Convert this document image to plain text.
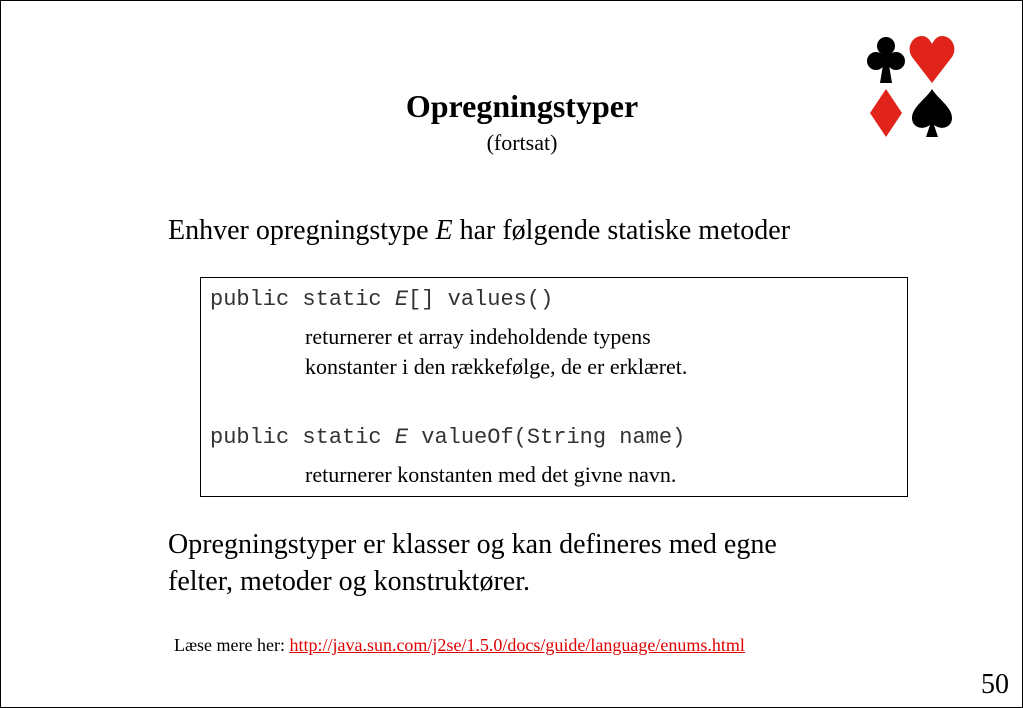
Opregningstyper
(fortsat)
Enhver opregningstype E har følgende statiske metoder
public static E[] values()
returnerer et array indeholdende typens
konstanter i den rækkefølge, de er erklæret.
public static E valueOf(String name)
returnerer konstanten med det givne navn.
Opregningstyper er klasser og kan defineres med egne
felter, metoder og konstruktører.
Læse mere her: http://java.sun.com/j2se/1.5.0/docs/guide/language/enums.html
50
